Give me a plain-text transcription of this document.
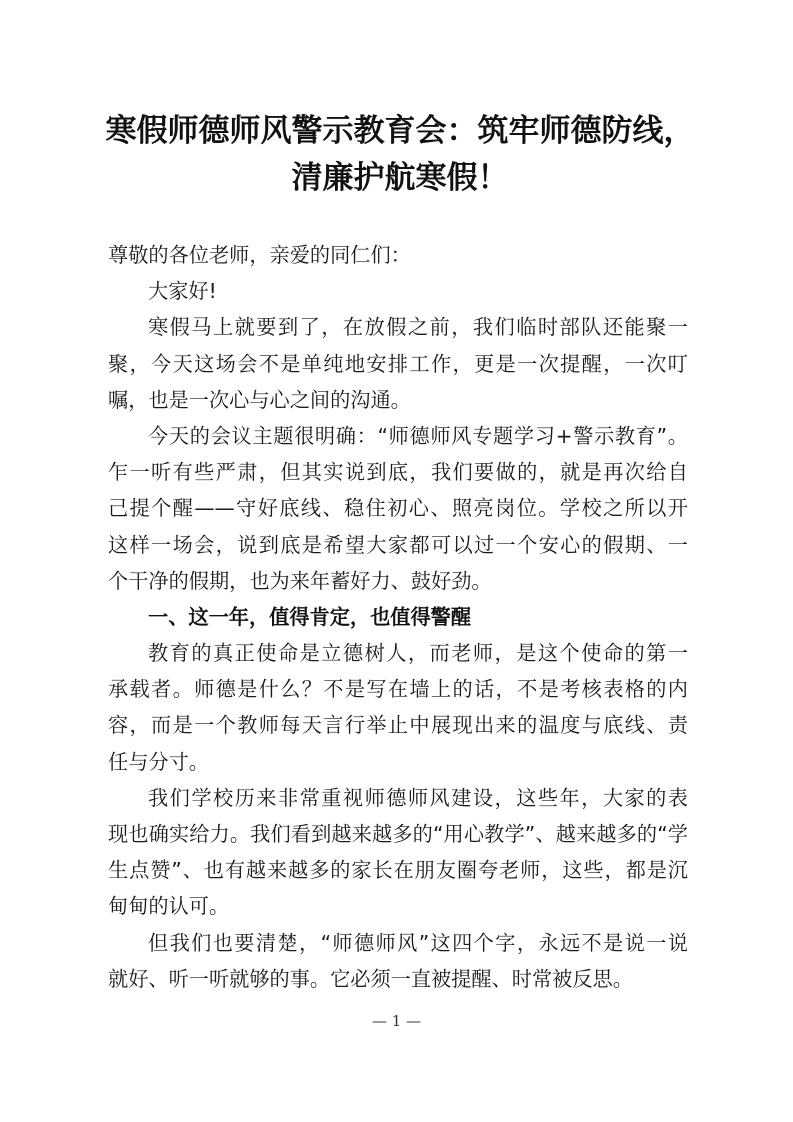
寒假师德师风警示教育会：筑牢师德防线，
清廉护航寒假！
尊敬的各位老师，亲爱的同仁们：
大家好!
寒假马上就要到了，在放假之前，我们临时部队还能聚一
聚，今天这场会不是单纯地安排工作，更是一次提醒，一次叮
嘱，也是一次心与心之间的沟通。
今天的会议主题很明确：“师德师风专题学习+警示教育”。
乍一听有些严肃，但其实说到底，我们要做的，就是再次给自
己提个醒——守好底线、稳住初心、照亮岗位。学校之所以开
这样一场会，说到底是希望大家都可以过一个安心的假期、一
个干净的假期，也为来年蓄好力、鼓好劲。
一、这一年，值得肯定，也值得警醒
教育的真正使命是立德树人，而老师，是这个使命的第一
承载者。师德是什么？不是写在墙上的话，不是考核表格的内
容，而是一个教师每天言行举止中展现出来的温度与底线、责
任与分寸。
我们学校历来非常重视师德师风建设，这些年，大家的表
现也确实给力。我们看到越来越多的“用心教学”、越来越多的“学
生点赞”、也有越来越多的家长在朋友圈夸老师，这些，都是沉
甸甸的认可。
但我们也要清楚，“师德师风”这四个字，永远不是说一说
就好、听一听就够的事。它必须一直被提醒、时常被反思。
— 1 —
